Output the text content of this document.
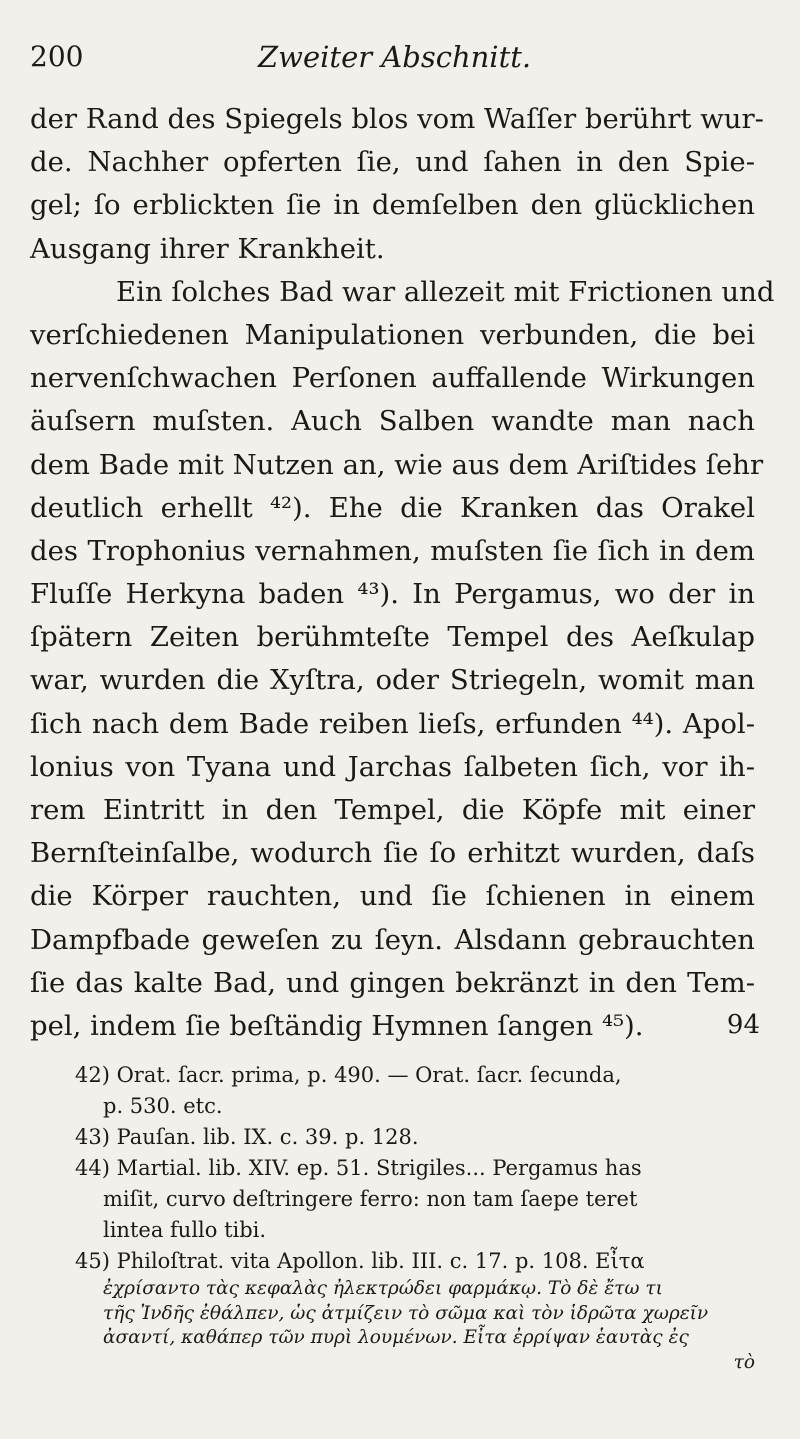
200	Zweiter Abschnitt.
der Rand des Spiegels blos vom Waſſer berührt wur-
de. Nachher opferten ſie, und ſahen in den Spie-
gel; ſo erblickten ſie in demſelben den glücklichen
Ausgang ihrer Krankheit.
Ein ſolches Bad war allezeit mit Frictionen und
verſchiedenen Manipulationen verbunden, die bei
nervenſchwachen Perſonen auffallende Wirkungen
äuſsern muſsten. Auch Salben wandte man nach
dem Bade mit Nutzen an, wie aus dem Ariſtides ſehr
deutlich erhellt ⁴²). Ehe die Kranken das Orakel
des Trophonius vernahmen, muſsten ſie ſich in dem
Fluſſe Herkyna baden ⁴³). In Pergamus, wo der in
ſpätern Zeiten berühmteſte Tempel des Aeſkulap
war, wurden die Xyſtra, oder Striegeln, womit man
ſich nach dem Bade reiben lieſs, erfunden ⁴⁴). Apol-
lonius von Tyana und Jarchas ſalbeten ſich, vor ih-
rem Eintritt in den Tempel, die Köpfe mit einer
Bernſteinſalbe, wodurch ſie ſo erhitzt wurden, daſs
die Körper rauchten, und ſie ſchienen in einem
Dampfbade geweſen zu ſeyn. Alsdann gebrauchten
ſie das kalte Bad, und gingen bekränzt in den Tem-
pel, indem ſie beſtändig Hymnen ſangen ⁴⁵).	94
42) Orat. ſacr. prima, p. 490. — Orat. ſacr. ſecunda,
p. 530. etc.
43) Pauſan. lib. IX. c. 39. p. 128.
44) Martial. lib. XIV. ep. 51. Strigiles... Pergamus has
miſit, curvo deſtringere ferro: non tam ſaepe teret
lintea fullo tibi.
45) Philoſtrat. vita Apollon. lib. III. c. 17. p. 108. Εἶτα
ἐχρίσαντο τὰς κεφαλὰς ἠλεκτρώδει φαρμάκῳ. Τὸ δὲ ἔτω τι
τῆς Ἰνδῆς ἐθάλπεν, ὡς ἀτμίζειν τὸ σῶμα καὶ τὸν ἱδρῶτα χωρεῖν
ἀσαντί, καθάπερ τῶν πυρὶ λουμένων. Εἶτα ἐρρίψαν ἑαυτὰς ἐς
τὸ
